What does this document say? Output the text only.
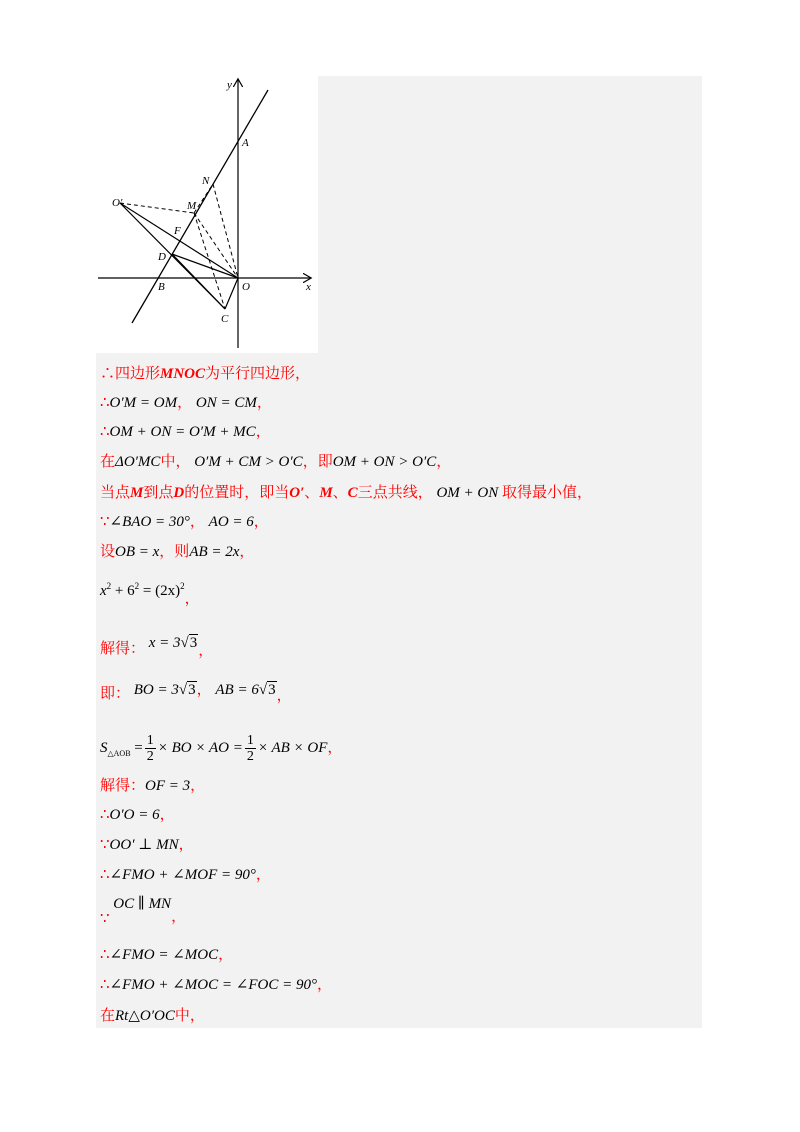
y
A
N
O'	M
F
D
B	O
C
x
∴四边形MNOC为平行四边形，
∴O′M = OM， ON = CM，
∴OM + ON = O′M + MC，
在ΔO′MC中， O′M + CM > O′C，即OM + ON > O′C，
当点M到点D的位置时，即当O′、M、C三点共线， OM + ON 取得最小值，
∵∠BAO = 30°， AO = 6，
设OB = x，则AB = 2x，
$x^2 + 6^2 = (2x)^2$，
解得： x = 3√3，
即： BO = 3√3， AB = 6√3，
$S_{\triangle AOB} = \frac{1}{2}$ × BO × AO = $\frac{1}{2}$ × AB × OF，
解得：OF = 3，
∴O′O = 6，
∵OO′ ⊥ MN，
∴∠FMO + ∠MOF = 90°，
∵ OC ∥ MN，
∴∠FMO = ∠MOC，
∴∠FMO + ∠MOC = ∠FOC = 90°，
在Rt△O′OC中，
